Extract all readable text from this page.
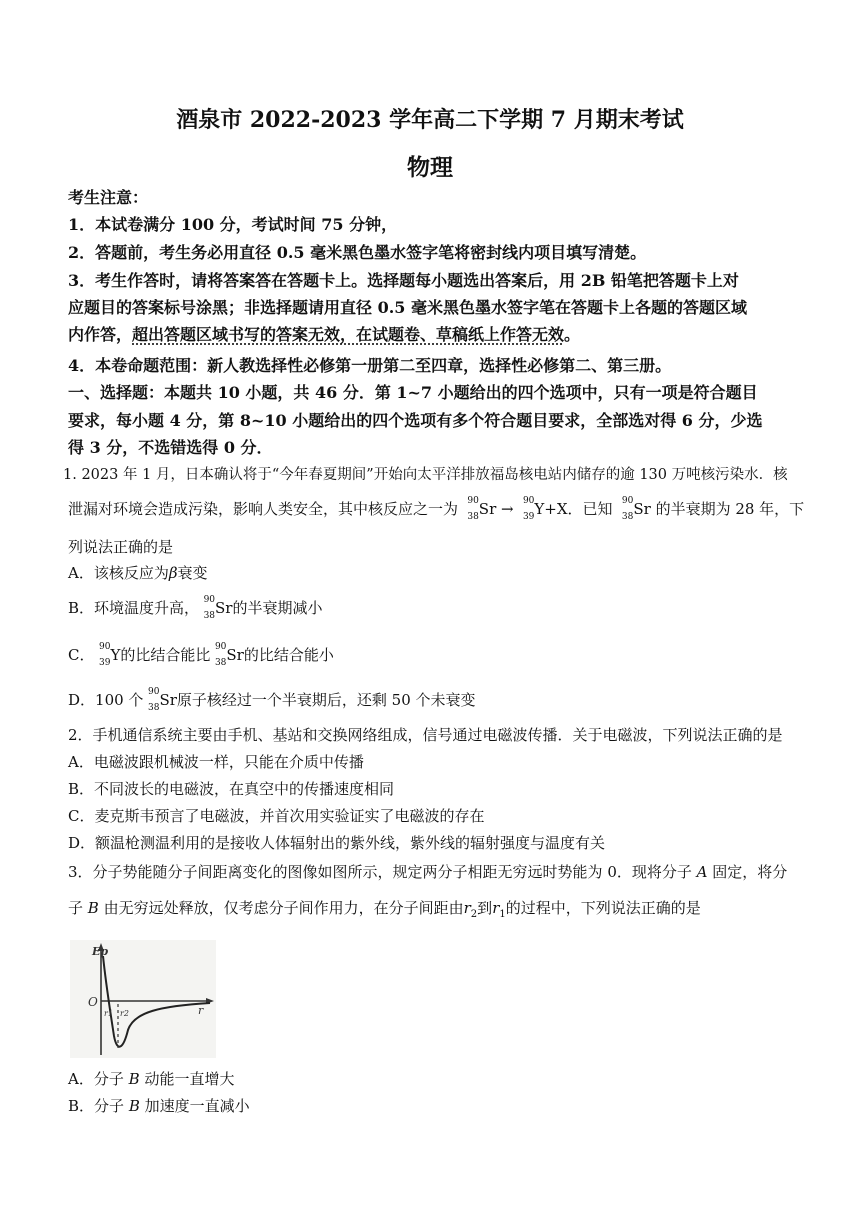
酒泉市 2022-2023 学年高二下学期 7 月期末考试
物理
考生注意：
1．本试卷满分 100 分，考试时间 75 分钟，
2．答题前，考生务必用直径 0.5 毫米黑色墨水签字笔将密封线内项目填写清楚。
3．考生作答时，请将答案答在答题卡上。选择题每小题选出答案后，用 2B 铅笔把答题卡上对
应题目的答案标号涂黑；非选择题请用直径 0.5 毫米黑色墨水签字笔在答题卡上各题的答题区域
内作答，超出答题区域书写的答案无效，在试题卷、草稿纸上作答无效。
4．本卷命题范围：新人教选择性必修第一册第二至四章，选择性必修第二、第三册。
一、选择题：本题共 10 小题，共 46 分．第 1~7 小题给出的四个选项中，只有一项是符合题目
要求，每小题 4 分，第 8~10 小题给出的四个选项有多个符合题目要求，全部选对得 6 分，少选
得 3 分，不选错选得 0 分．
1. 2023 年 1 月，日本确认将于“今年春夏期间”开始向太平洋排放福岛核电站内储存的逾 130 万吨核污染水．核
泄漏对环境会造成污染，影响人类安全，其中核反应之一为 90
38 Sr → 90
39 Y+X．已知 90
38 Sr 的半衰期为 28 年，下
列说法正确的是
A．该核反应为β衰变
B．环境温度升高， 90
38 Sr的半衰期减小
C． 90
39 Y的比结合能比 90
38 Sr的比结合能小
D．100 个 90
38 Sr原子核经过一个半衰期后，还剩 50 个未衰变
2．手机通信系统主要由手机、基站和交换网络组成，信号通过电磁波传播．关于电磁波，下列说法正确的是
A．电磁波跟机械波一样，只能在介质中传播
B．不同波长的电磁波，在真空中的传播速度相同
C．麦克斯韦预言了电磁波，并首次用实验证实了电磁波的存在
D．额温枪测温利用的是接收人体辐射出的紫外线，紫外线的辐射强度与温度有关
3．分子势能随分子间距离变化的图像如图所示，规定两分子相距无穷远时势能为 0．现将分子 A 固定，将分
子 B 由无穷远处释放，仅考虑分子间作用力，在分子间距由$r_2$到$r_1$的过程中，下列说法正确的是
Ep
O
r1 r2	r
A．分子 B 动能一直增大
B．分子 B 加速度一直减小
